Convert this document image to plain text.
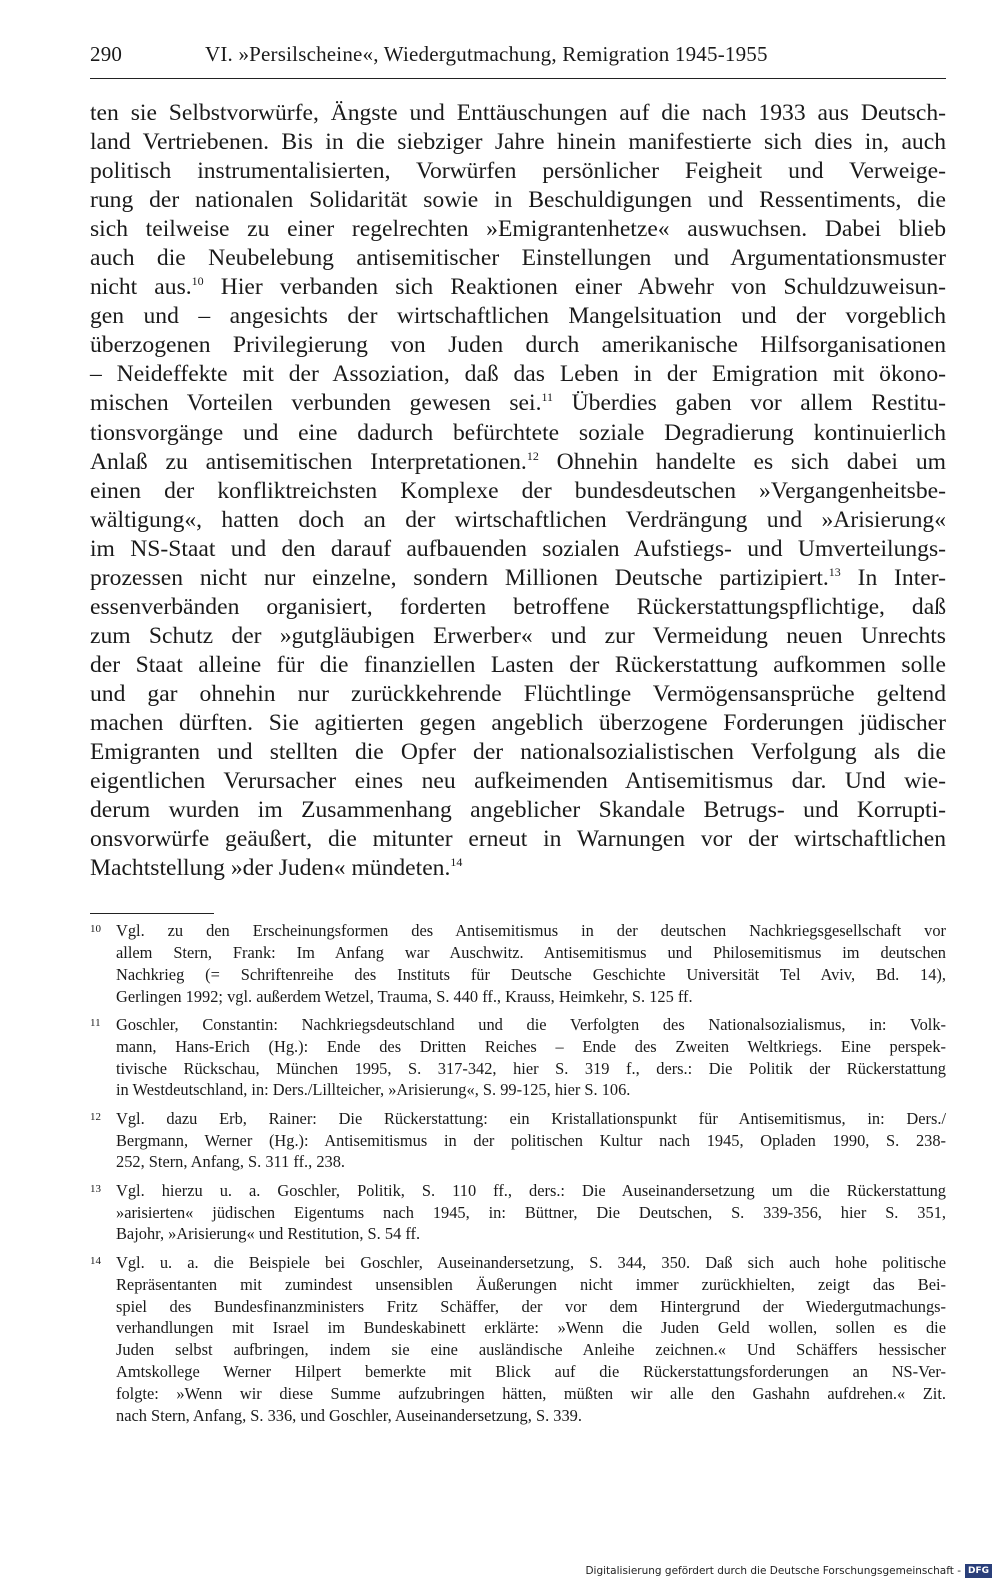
290	VI. »Persilscheine«, Wiedergutmachung, Remigration 1945-1955
ten sie Selbstvorwürfe, Ängste und Enttäuschungen auf die nach 1933 aus Deutsch-
land Vertriebenen. Bis in die siebziger Jahre hinein manifestierte sich dies in, auch
politisch instrumentalisierten, Vorwürfen persönlicher Feigheit und Verweige-
rung der nationalen Solidarität sowie in Beschuldigungen und Ressentiments, die
sich teilweise zu einer regelrechten »Emigrantenhetze« auswuchsen. Dabei blieb
auch die Neubelebung antisemitischer Einstellungen und Argumentationsmuster
nicht aus.$^{10}$ Hier verbanden sich Reaktionen einer Abwehr von Schuldzuweisun-
gen und – angesichts der wirtschaftlichen Mangelsituation und der vorgeblich
überzogenen Privilegierung von Juden durch amerikanische Hilfsorganisationen
– Neideffekte mit der Assoziation, daß das Leben in der Emigration mit ökono-
mischen Vorteilen verbunden gewesen sei.$^{11}$ Überdies gaben vor allem Restitu-
tionsvorgänge und eine dadurch befürchtete soziale Degradierung kontinuierlich
Anlaß zu antisemitischen Interpretationen.$^{12}$ Ohnehin handelte es sich dabei um
einen der konfliktreichsten Komplexe der bundesdeutschen »Vergangenheitsbe-
wältigung«, hatten doch an der wirtschaftlichen Verdrängung und »Arisierung«
im NS-Staat und den darauf aufbauenden sozialen Aufstiegs- und Umverteilungs-
prozessen nicht nur einzelne, sondern Millionen Deutsche partizipiert.$^{13}$ In Inter-
essenverbänden organisiert, forderten betroffene Rückerstattungspflichtige, daß
zum Schutz der »gutgläubigen Erwerber« und zur Vermeidung neuen Unrechts
der Staat alleine für die finanziellen Lasten der Rückerstattung aufkommen solle
und gar ohnehin nur zurückkehrende Flüchtlinge Vermögensansprüche geltend
machen dürften. Sie agitierten gegen angeblich überzogene Forderungen jüdischer
Emigranten und stellten die Opfer der nationalsozialistischen Verfolgung als die
eigentlichen Verursacher eines neu aufkeimenden Antisemitismus dar. Und wie-
derum wurden im Zusammenhang angeblicher Skandale Betrugs- und Korrupti-
onsvorwürfe geäußert, die mitunter erneut in Warnungen vor der wirtschaftlichen
Machtstellung »der Juden« mündeten.$^{14}$
10 Vgl. zu den Erscheinungsformen des Antisemitismus in der deutschen Nachkriegsgesellschaft vor
allem Stern, Frank: Im Anfang war Auschwitz. Antisemitismus und Philosemitismus im deutschen
Nachkrieg (= Schriftenreihe des Instituts für Deutsche Geschichte Universität Tel Aviv, Bd. 14),
Gerlingen 1992; vgl. außerdem Wetzel, Trauma, S. 440 ff., Krauss, Heimkehr, S. 125 ff.
11 Goschler, Constantin: Nachkriegsdeutschland und die Verfolgten des Nationalsozialismus, in: Volk-
mann, Hans-Erich (Hg.): Ende des Dritten Reiches – Ende des Zweiten Weltkriegs. Eine perspek-
tivische Rückschau, München 1995, S. 317-342, hier S. 319 f., ders.: Die Politik der Rückerstattung
in Westdeutschland, in: Ders./Lillteicher, »Arisierung«, S. 99-125, hier S. 106.
12 Vgl. dazu Erb, Rainer: Die Rückerstattung: ein Kristallationspunkt für Antisemitismus, in: Ders./
Bergmann, Werner (Hg.): Antisemitismus in der politischen Kultur nach 1945, Opladen 1990, S. 238-
252, Stern, Anfang, S. 311 ff., 238.
13 Vgl. hierzu u. a. Goschler, Politik, S. 110 ff., ders.: Die Auseinandersetzung um die Rückerstattung
»arisierten« jüdischen Eigentums nach 1945, in: Büttner, Die Deutschen, S. 339-356, hier S. 351,
Bajohr, »Arisierung« und Restitution, S. 54 ff.
14 Vgl. u. a. die Beispiele bei Goschler, Auseinandersetzung, S. 344, 350. Daß sich auch hohe politische
Repräsentanten mit zumindest unsensiblen Äußerungen nicht immer zurückhielten, zeigt das Bei-
spiel des Bundesfinanzministers Fritz Schäffer, der vor dem Hintergrund der Wiedergutmachungs-
verhandlungen mit Israel im Bundeskabinett erklärte: »Wenn die Juden Geld wollen, sollen es die
Juden selbst aufbringen, indem sie eine ausländische Anleihe zeichnen.« Und Schäffers hessischer
Amtskollege Werner Hilpert bemerkte mit Blick auf die Rückerstattungsforderungen an NS-Ver-
folgte: »Wenn wir diese Summe aufzubringen hätten, müßten wir alle den Gashahn aufdrehen.« Zit.
nach Stern, Anfang, S. 336, und Goschler, Auseinandersetzung, S. 339.
Digitalisierung gefördert durch die Deutsche Forschungsgemeinschaft - DFG
